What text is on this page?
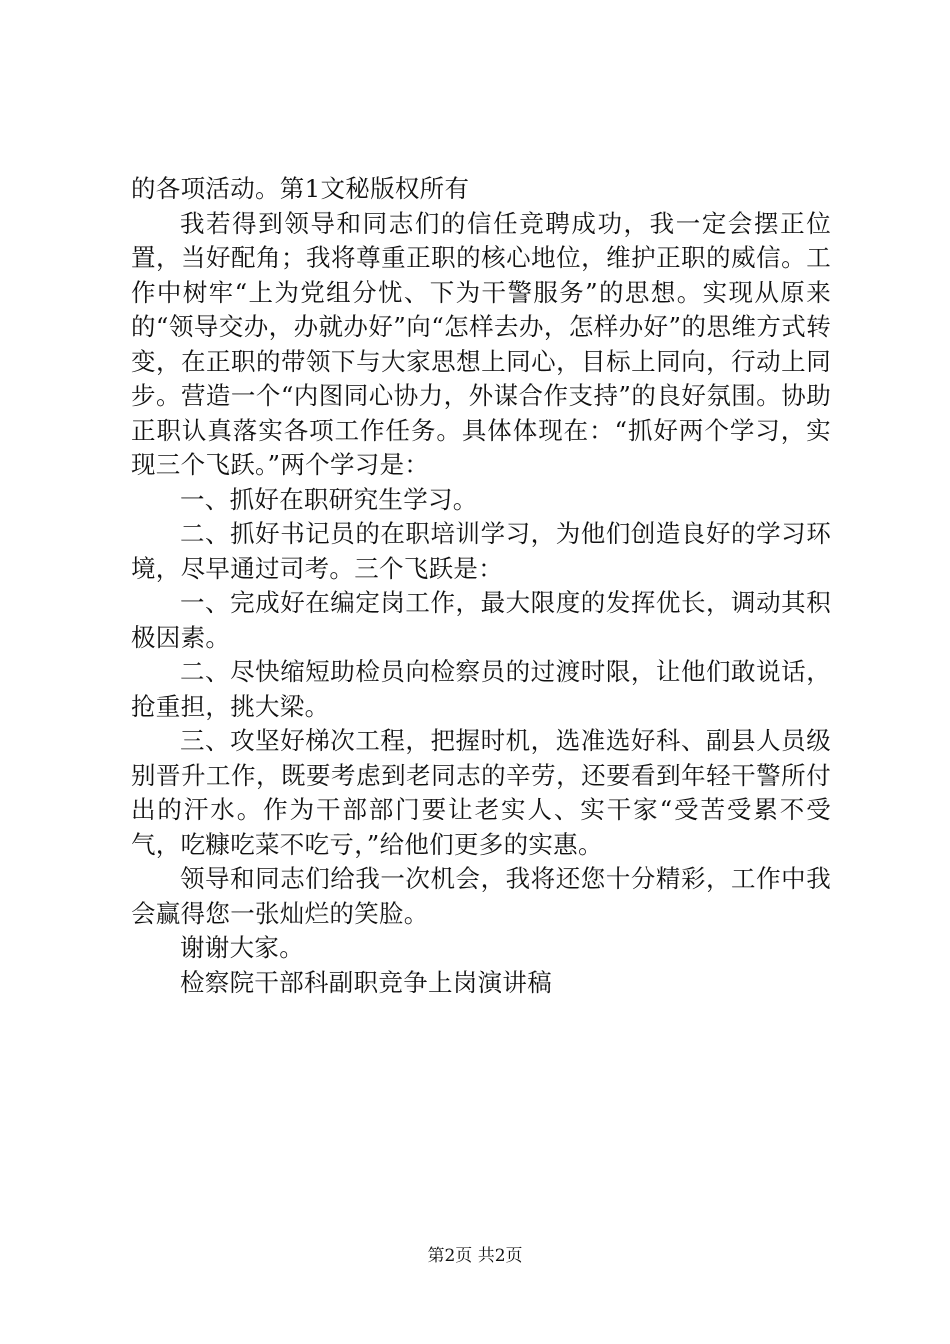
的各项活动。第1文秘版权所有

我若得到领导和同志们的信任竞聘成功，我一定会摆正位置，当好配角；我将尊重正职的核心地位，维护正职的威信。工作中树牢“上为党组分忧、下为干警服务”的思想。实现从原来的“领导交办，办就办好”向“怎样去办，怎样办好”的思维方式转变，在正职的带领下与大家思想上同心，目标上同向，行动上同步。营造一个“内图同心协力，外谋合作支持”的良好氛围。协助正职认真落实各项工作任务。具体体现在：“抓好两个学习，实现三个飞跃。”两个学习是：

一、抓好在职研究生学习。

二、抓好书记员的在职培训学习，为他们创造良好的学习环境，尽早通过司考。三个飞跃是：

一、完成好在编定岗工作，最大限度的发挥优长，调动其积极因素。

二、尽快缩短助检员向检察员的过渡时限，让他们敢说话，抢重担，挑大梁。

三、攻坚好梯次工程，把握时机，选准选好科、副县人员级别晋升工作，既要考虑到老同志的辛劳，还要看到年轻干警所付出的汗水。作为干部部门要让老实人、实干家“受苦受累不受气，吃糠吃菜不吃亏，”给他们更多的实惠。

领导和同志们给我一次机会，我将还您十分精彩，工作中我会赢得您一张灿烂的笑脸。

谢谢大家。

检察院干部科副职竞争上岗演讲稿

第2页 共2页
